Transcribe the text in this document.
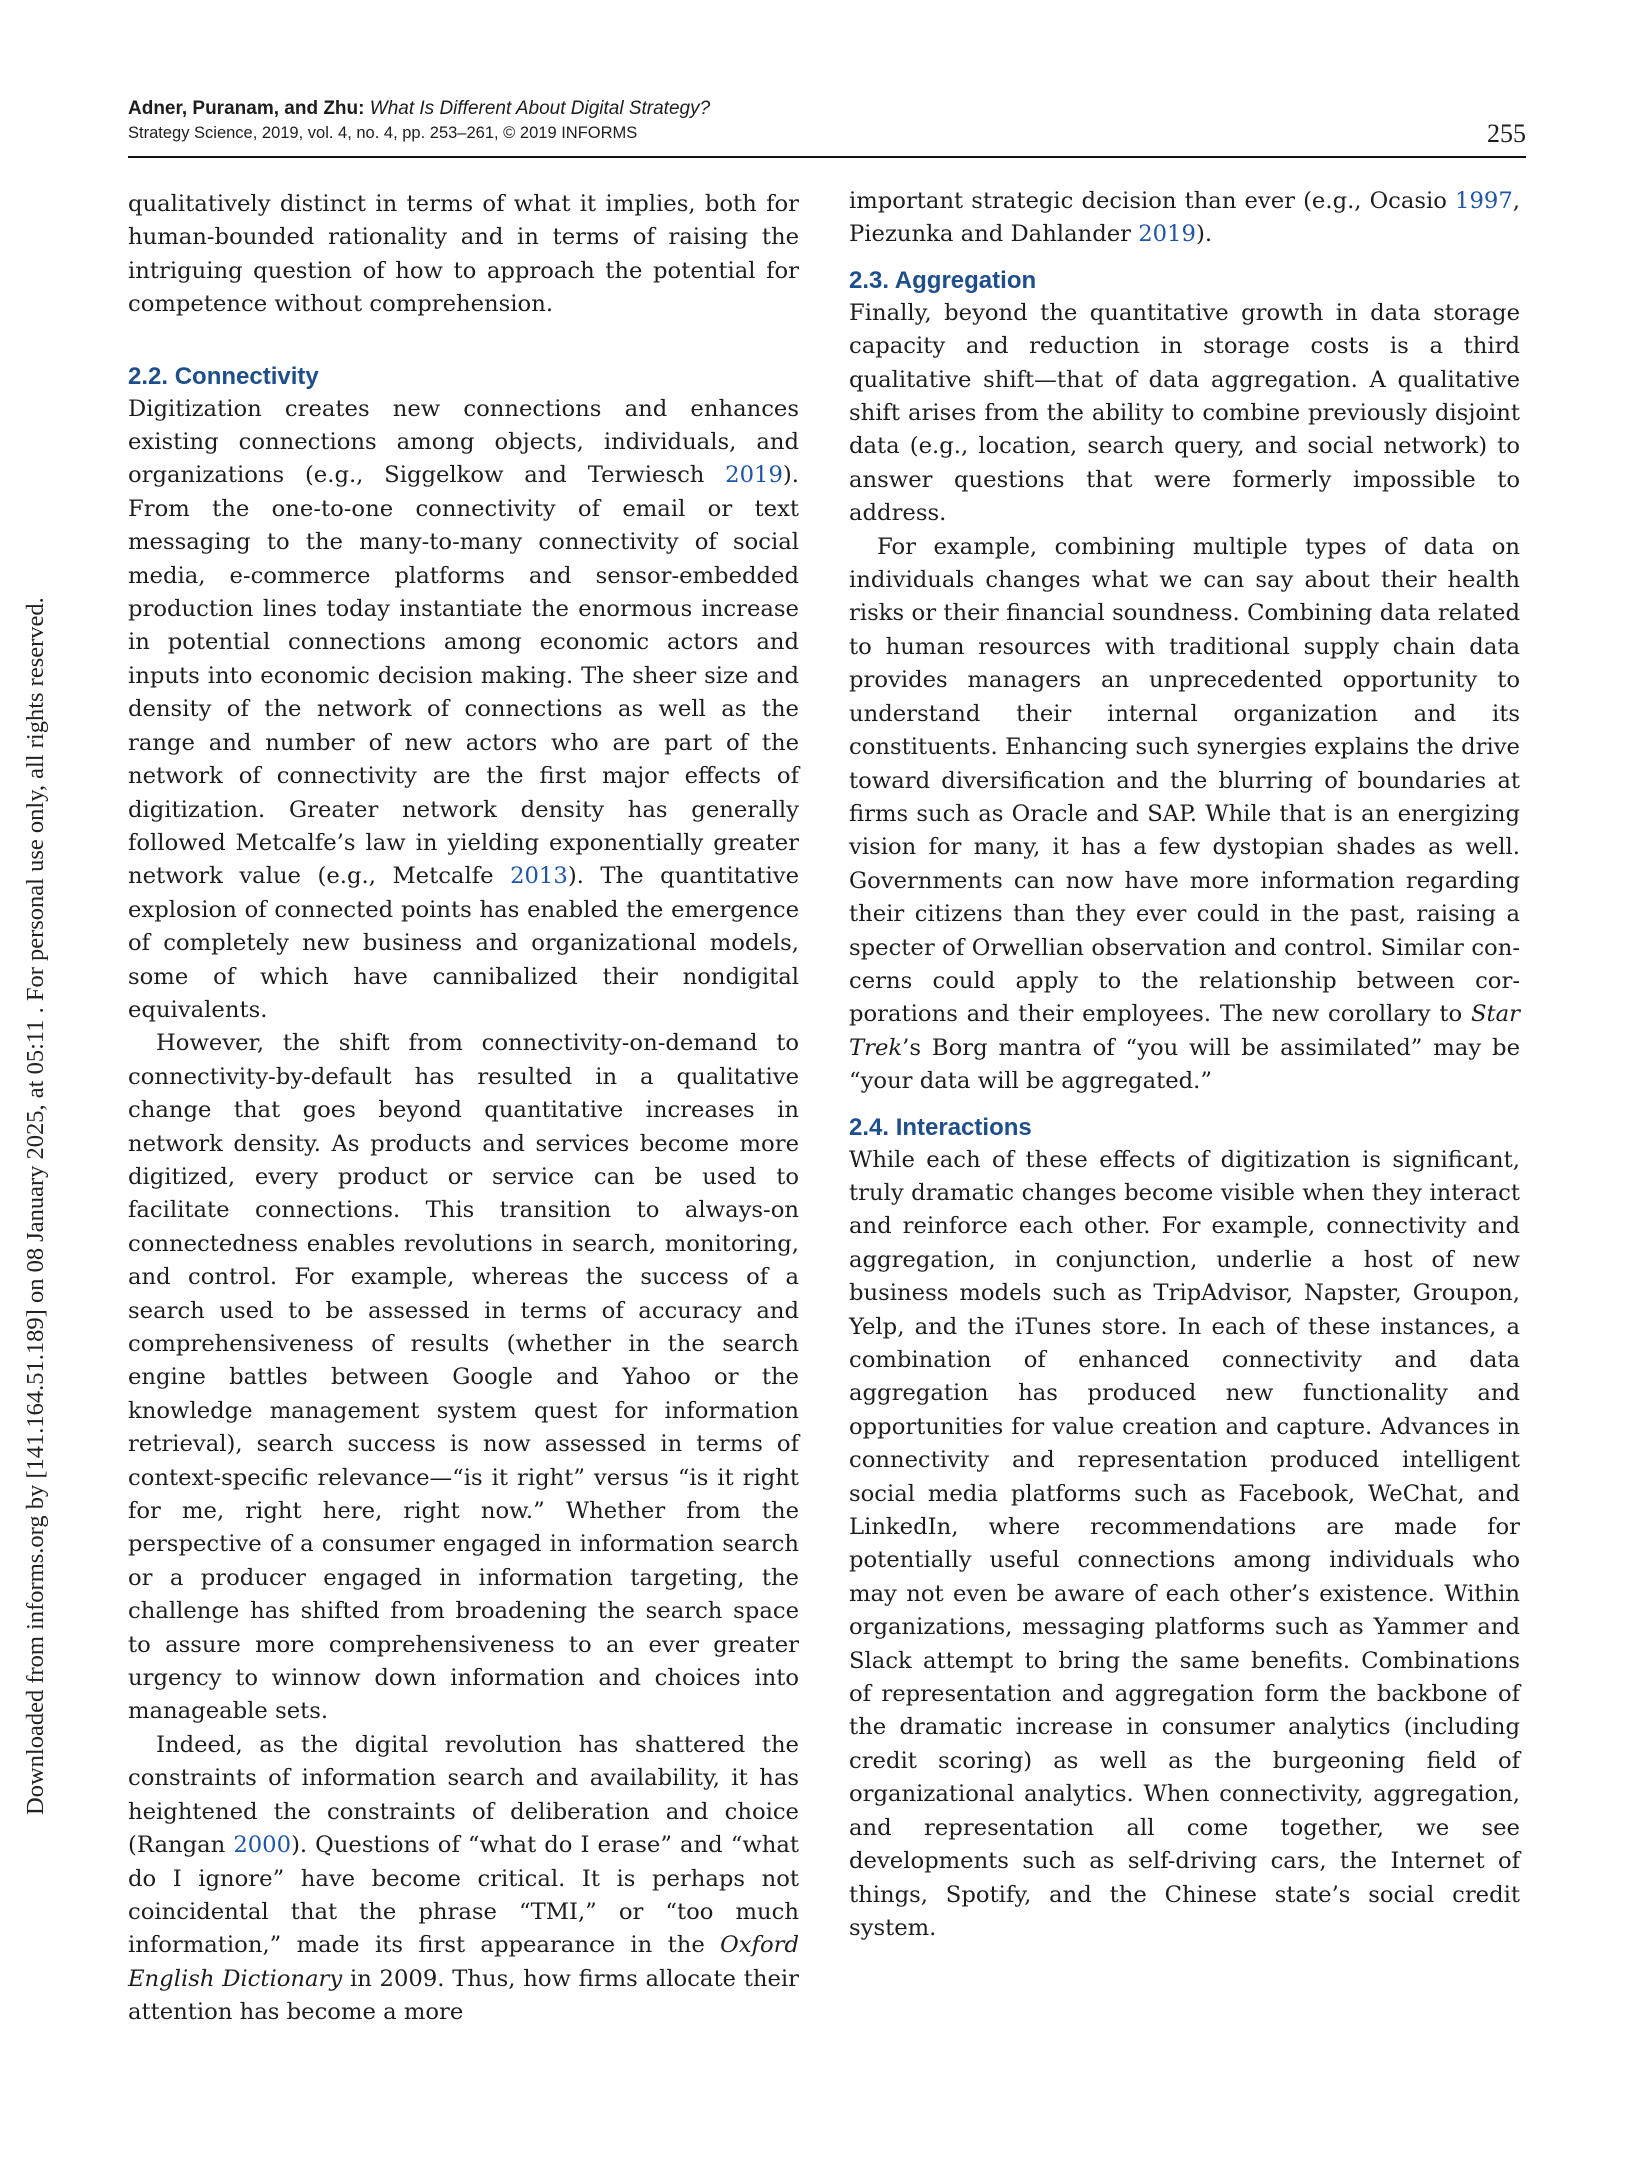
Downloaded from informs.org by [141.164.51.189] on 08 January 2025, at 05:11 . For personal use only, all rights reserved.
Adner, Puranam, and Zhu: What Is Different About Digital Strategy?
Strategy Science, 2019, vol. 4, no. 4, pp. 253–261, © 2019 INFORMS	255

qualitatively distinct in terms of what it implies, both for human-bounded rationality and in terms of raising the intriguing question of how to approach the potential for competence without comprehension.

2.2. Connectivity

Digitization creates new connections and enhances existing connections among objects, individuals, and organizations (e.g., Siggelkow and Terwiesch 2019). From the one-to-one connectivity of email or text messaging to the many-to-many connectivity of social media, e-commerce platforms and sensor-embedded production lines today instantiate the enormous increase in potential connections among economic actors and inputs into economic decision making. The sheer size and density of the network of connections as well as the range and number of new actors who are part of the network of connectivity are the first major effects of digitization. Greater network density has generally followed Metcalfe’s law in yielding exponentially greater network value (e.g., Metcalfe 2013). The quantitative explosion of connected points has enabled the emergence of completely new business and organizational models, some of which have cannibalized their nondigital equivalents.

However, the shift from connectivity-on-demand to connectivity-by-default has resulted in a qualitative change that goes beyond quantitative increases in network density. As products and services become more digitized, every product or service can be used to facilitate connections. This transition to always-on connectedness enables revolutions in search, monitoring, and control. For example, whereas the success of a search used to be assessed in terms of accuracy and comprehensiveness of results (whether in the search engine battles between Google and Yahoo or the knowledge management system quest for information retrieval), search success is now assessed in terms of context-specific relevance—“is it right” versus “is it right for me, right here, right now.” Whether from the perspective of a consumer engaged in information search or a producer engaged in information targeting, the challenge has shifted from broadening the search space to assure more comprehensiveness to an ever greater urgency to winnow down information and choices into manageable sets.

Indeed, as the digital revolution has shattered the constraints of information search and availability, it has heightened the constraints of deliberation and choice (Rangan 2000). Questions of “what do I erase” and “what do I ignore” have become critical. It is perhaps not coincidental that the phrase “TMI,” or “too much information,” made its first appearance in the Oxford English Dictionary in 2009. Thus, how firms allocate their attention has become a more

important strategic decision than ever (e.g., Ocasio 1997, Piezunka and Dahlander 2019).

2.3. Aggregation

Finally, beyond the quantitative growth in data storage capacity and reduction in storage costs is a third qualitative shift—that of data aggregation. A qualitative shift arises from the ability to combine previously disjoint data (e.g., location, search query, and social network) to answer questions that were formerly impossible to address.

For example, combining multiple types of data on individuals changes what we can say about their health risks or their financial soundness. Combining data related to human resources with traditional supply chain data provides managers an unprecedented opportunity to understand their internal organization and its constituents. Enhancing such synergies explains the drive toward diversification and the blurring of boundaries at firms such as Oracle and SAP. While that is an energizing vision for many, it has a few dystopian shades as well. Governments can now have more information regarding their citizens than they ever could in the past, raising a specter of Orwellian observation and control. Similar concerns could apply to the relationship between corporations and their employees. The new corollary to Star Trek’s Borg mantra of “you will be assimilated” may be “your data will be aggregated.”

2.4. Interactions

While each of these effects of digitization is significant, truly dramatic changes become visible when they interact and reinforce each other. For example, connectivity and aggregation, in conjunction, underlie a host of new business models such as TripAdvisor, Napster, Groupon, Yelp, and the iTunes store. In each of these instances, a combination of enhanced connectivity and data aggregation has produced new functionality and opportunities for value creation and capture. Advances in connectivity and representation produced intelligent social media platforms such as Facebook, WeChat, and LinkedIn, where recommendations are made for potentially useful connections among individuals who may not even be aware of each other’s existence. Within organizations, messaging platforms such as Yammer and Slack attempt to bring the same benefits. Combinations of representation and aggregation form the backbone of the dramatic increase in consumer analytics (including credit scoring) as well as the burgeoning field of organizational analytics. When connectivity, aggregation, and representation all come together, we see developments such as self-driving cars, the Internet of things, Spotify, and the Chinese state’s social credit system.
